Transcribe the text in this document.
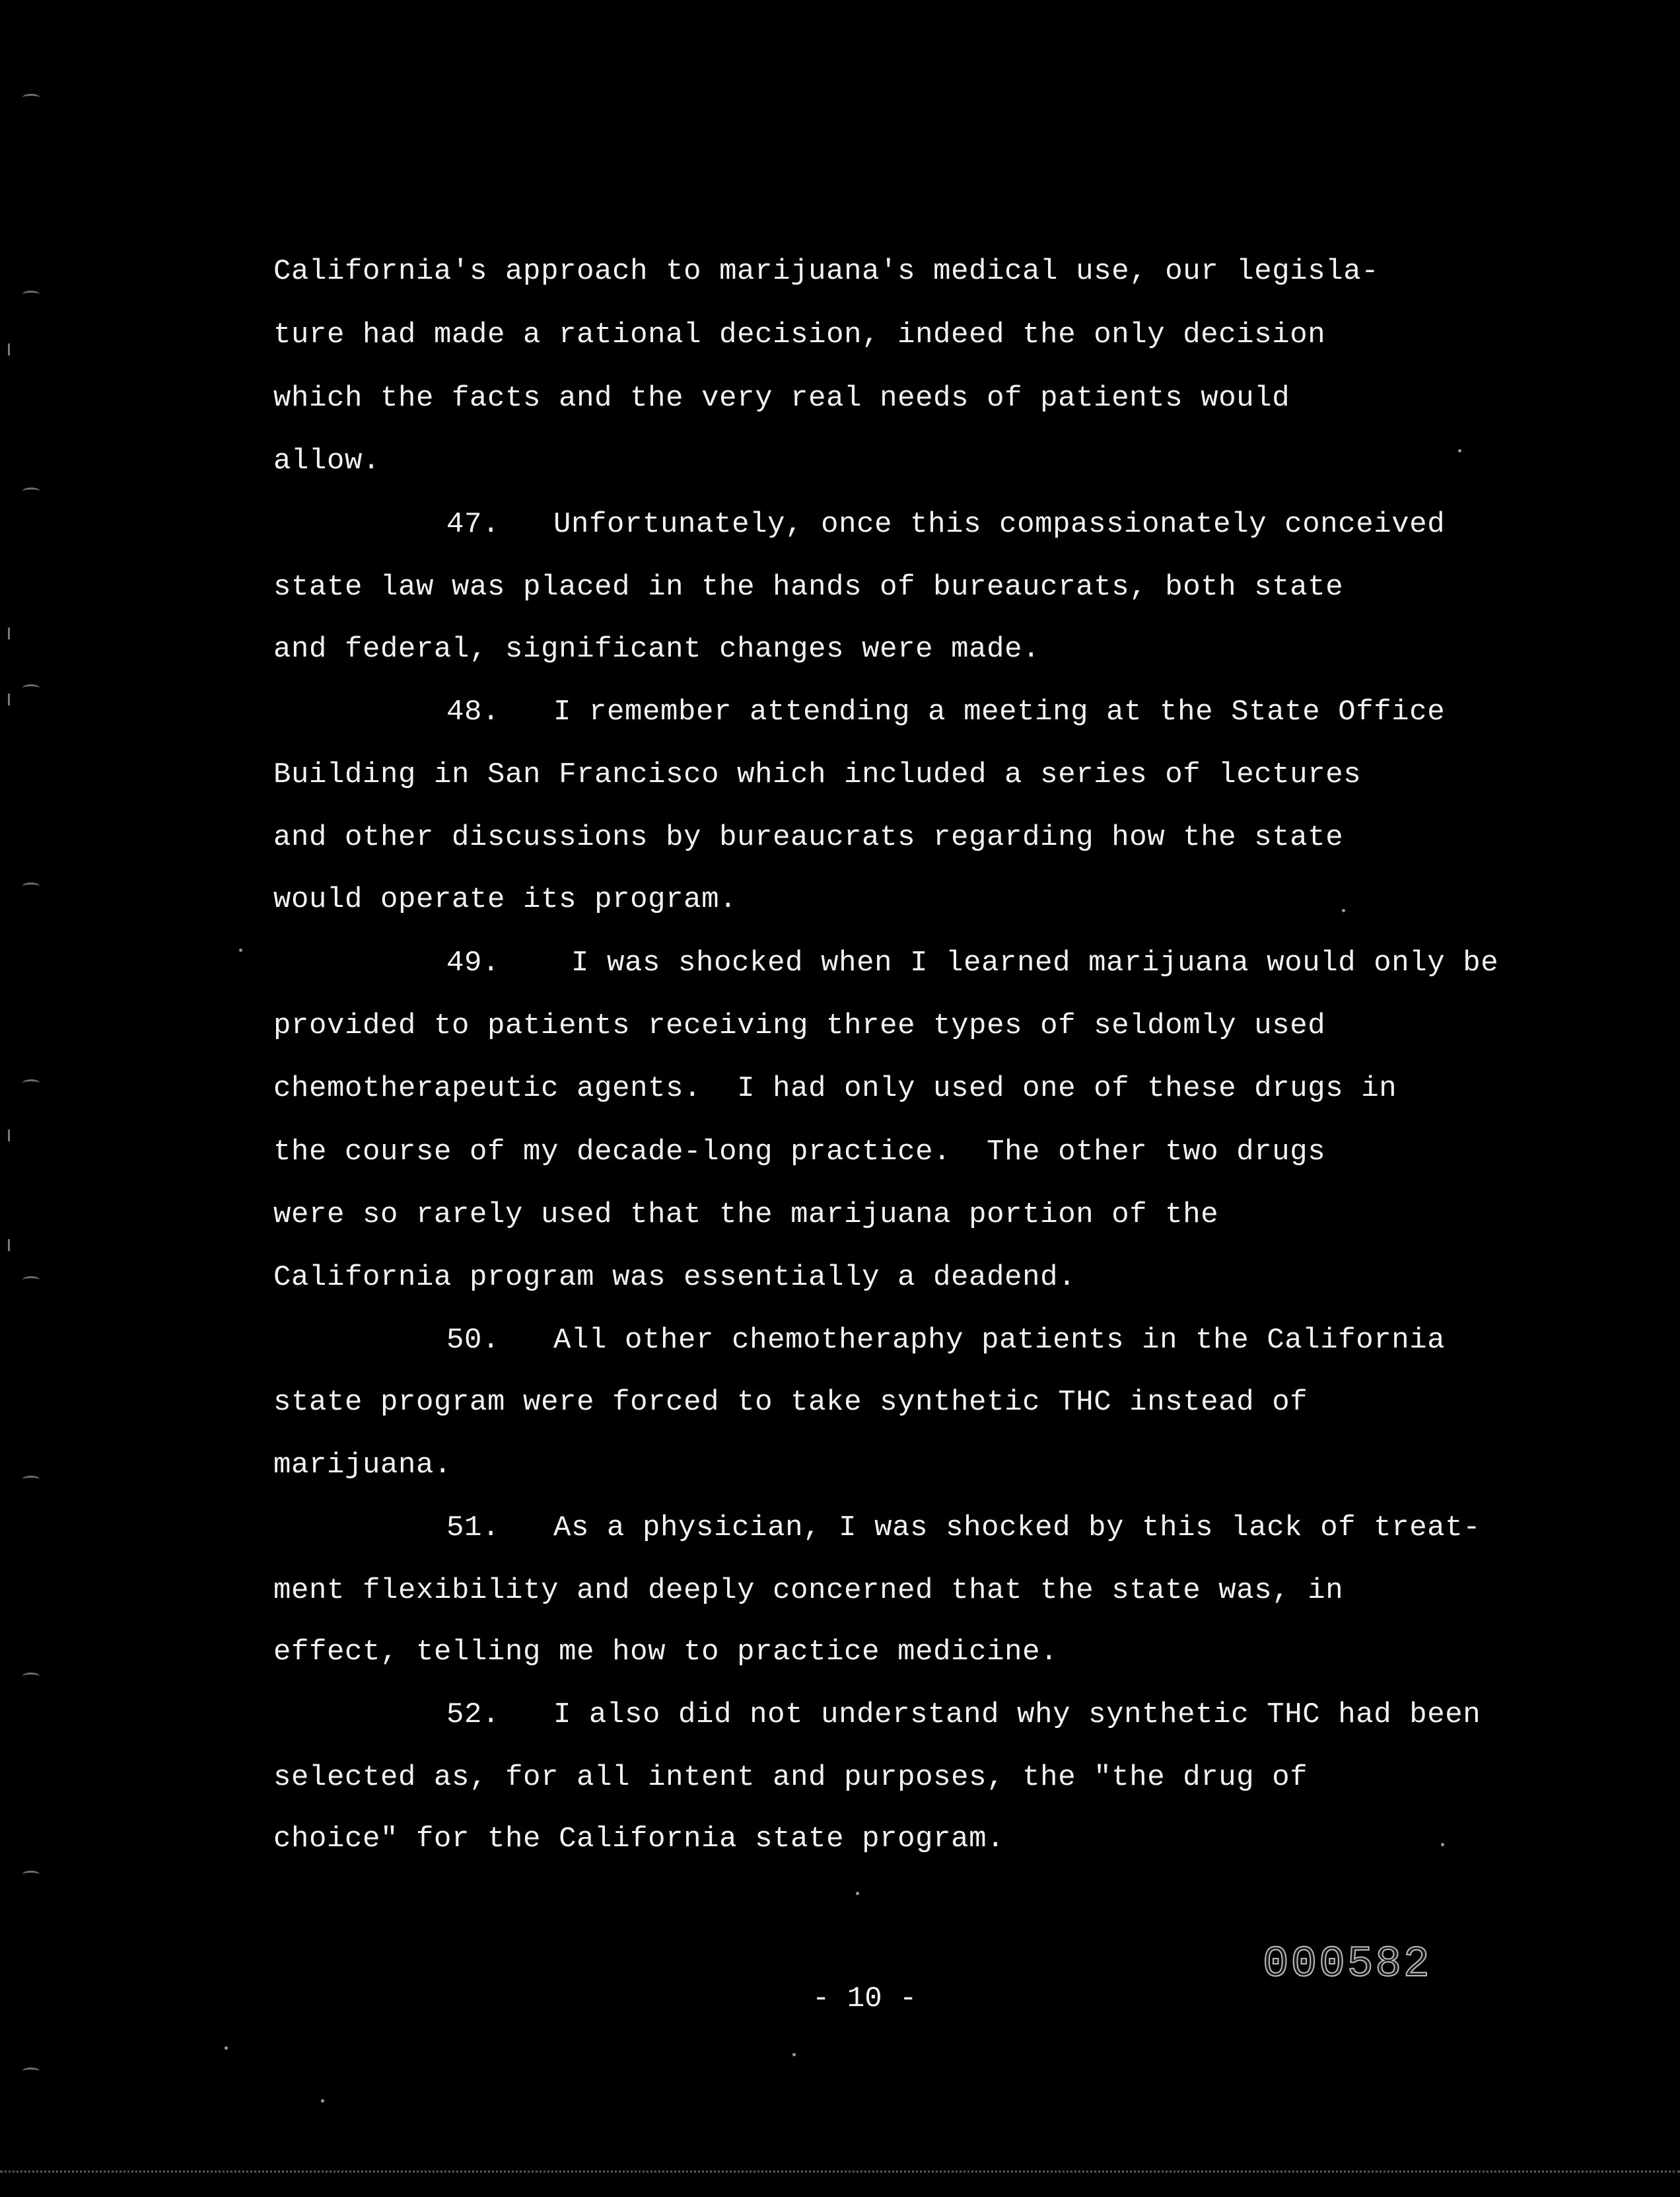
California's approach to marijuana's medical use, our legisla-
ture had made a rational decision, indeed the only decision
which the facts and the very real needs of patients would
allow.
47.   Unfortunately, once this compassionately conceived
state law was placed in the hands of bureaucrats, both state
and federal, significant changes were made.
48.   I remember attending a meeting at the State Office
Building in San Francisco which included a series of lectures
and other discussions by bureaucrats regarding how the state
would operate its program.
49.    I was shocked when I learned marijuana would only be
provided to patients receiving three types of seldomly used
chemotherapeutic agents.  I had only used one of these drugs in
the course of my decade-long practice.  The other two drugs
were so rarely used that the marijuana portion of the
California program was essentially a deadend.
50.   All other chemotheraphy patients in the California
state program were forced to take synthetic THC instead of
marijuana.
51.   As a physician, I was shocked by this lack of treat-
ment flexibility and deeply concerned that the state was, in
effect, telling me how to practice medicine.
52.   I also did not understand why synthetic THC had been
selected as, for all intent and purposes, the "the drug of
choice" for the California state program.
- 10 -
000582
